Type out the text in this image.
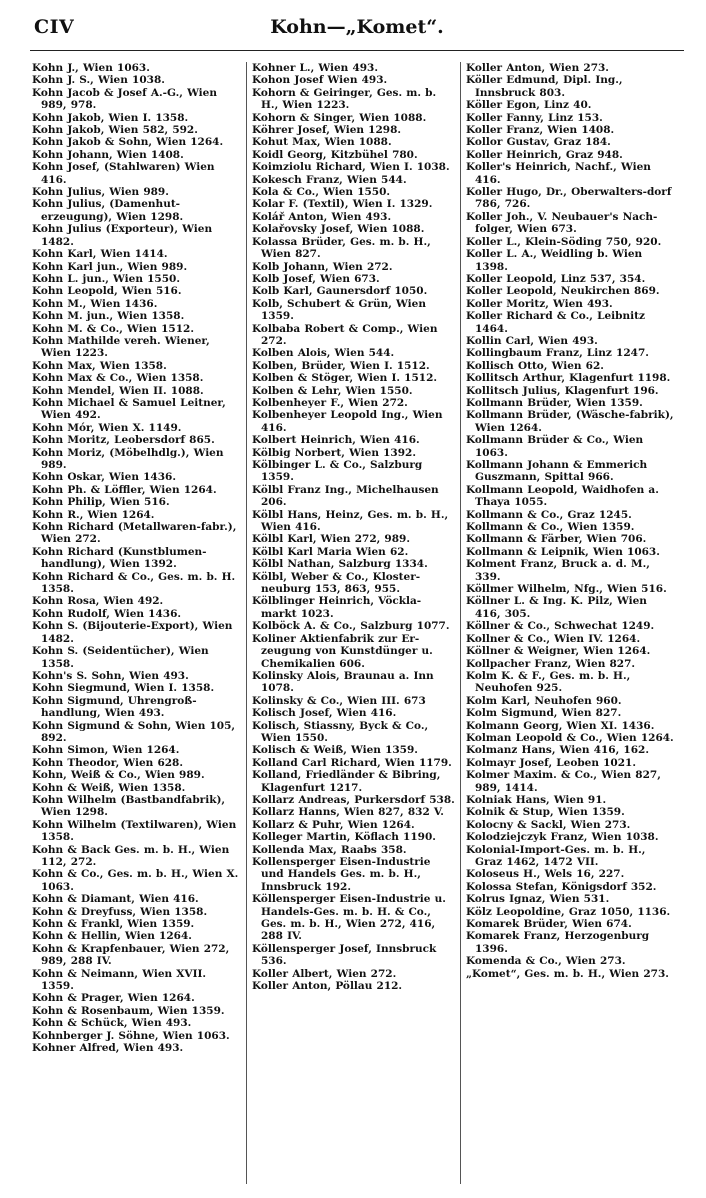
CIV	Kohn—„Komet“.

Kohn J., Wien 1063.

Kohn J. S., Wien 1038.

Kohn Jacob & Josef A.-G., Wien 989, 978.

Kohn Jakob, Wien I. 1358.

Kohn Jakob, Wien 582, 592.

Kohn Jakob & Sohn, Wien 1264.

Kohn Johann, Wien 1408.

Kohn Josef, (Stahlwaren) Wien 416.

Kohn Julius, Wien 989.

Kohn Julius, (Damenhut-erzeugung), Wien 1298.

Kohn Julius (Exporteur), Wien 1482.

Kohn Karl, Wien 1414.

Kohn Karl jun., Wien 989.

Kohn L. jun., Wien 1550.

Kohn Leopold, Wien 516.

Kohn M., Wien 1436.

Kohn M. jun., Wien 1358.

Kohn M. & Co., Wien 1512.

Kohn Mathilde vereh. Wiener, Wien 1223.

Kohn Max, Wien 1358.

Kohn Max & Co., Wien 1358.

Kohn Mendel, Wien II. 1088.

Kohn Michael & Samuel Leitner, Wien 492.

Kohn Mór, Wien X. 1149.

Kohn Moritz, Leobersdorf 865.

Kohn Moriz, (Möbelhdlg.), Wien 989.

Kohn Oskar, Wien 1436.

Kohn Ph. & Löffler, Wien 1264.

Kohn Philip, Wien 516.

Kohn R., Wien 1264.

Kohn Richard (Metallwaren-fabr.), Wien 272.

Kohn Richard (Kunstblumen-handlung), Wien 1392.

Kohn Richard & Co., Ges. m. b. H. 1358.

Kohn Rosa, Wien 492.

Kohn Rudolf, Wien 1436.

Kohn S. (Bijouterie-Export), Wien 1482.

Kohn S. (Seidentücher), Wien 1358.

Kohn's S. Sohn, Wien 493.

Kohn Siegmund, Wien I. 1358.

Kohn Sigmund, Uhrengroß-handlung, Wien 493.

Kohn Sigmund & Sohn, Wien 105, 892.

Kohn Simon, Wien 1264.

Kohn Theodor, Wien 628.

Kohn, Weiß & Co., Wien 989.

Kohn & Weiß, Wien 1358.

Kohn Wilhelm (Bastbandfabrik), Wien 1298.

Kohn Wilhelm (Textilwaren), Wien 1358.

Kohn & Back Ges. m. b. H., Wien 112, 272.

Kohn & Co., Ges. m. b. H., Wien X. 1063.

Kohn & Diamant, Wien 416.

Kohn & Dreyfuss, Wien 1358.

Kohn & Frankl, Wien 1359.

Kohn & Hellin, Wien 1264.

Kohn & Krapfenbauer, Wien 272, 989, 288 IV.

Kohn & Neimann, Wien XVII. 1359.

Kohn & Prager, Wien 1264.

Kohn & Rosenbaum, Wien 1359.

Kohn & Schück, Wien 493.

Kohnberger J. Söhne, Wien 1063.

Kohner Alfred, Wien 493.

Kohner L., Wien 493.

Kohon Josef Wien 493.

Kohorn & Geiringer, Ges. m. b. H., Wien 1223.

Kohorn & Singer, Wien 1088.

Köhrer Josef, Wien 1298.

Kohut Max, Wien 1088.

Koidl Georg, Kitzbühel 780.

Koimziolu Richard, Wien I. 1038.

Kokesch Franz, Wien 544.

Kola & Co., Wien 1550.

Kolar F. (Textil), Wien I. 1329.

Kolář Anton, Wien 493.

Kolařovsky Josef, Wien 1088.

Kolassa Brüder, Ges. m. b. H., Wien 827.

Kolb Johann, Wien 272.

Kolb Josef, Wien 673.

Kolb Karl, Gaunersdorf 1050.

Kolb, Schubert & Grün, Wien 1359.

Kolbaba Robert & Comp., Wien 272.

Kolben Alois, Wien 544.

Kolben, Brüder, Wien I. 1512.

Kolben & Stöger, Wien I. 1512.

Kolben & Lehr, Wien 1550.

Kolbenheyer F., Wien 272.

Kolbenheyer Leopold Ing., Wien 416.

Kolbert Heinrich, Wien 416.

Kölbig Norbert, Wien 1392.

Kölbinger L. & Co., Salzburg 1359.

Kölbl Franz Ing., Michelhausen 206.

Kölbl Hans, Heinz, Ges. m. b. H., Wien 416.

Kölbl Karl, Wien 272, 989.

Kölbl Karl Maria Wien 62.

Kölbl Nathan, Salzburg 1334.

Kölbl, Weber & Co., Kloster-neuburg 153, 863, 955.

Kölblinger Heinrich, Vöckla-markt 1023.

Kolböck A. & Co., Salzburg 1077.

Koliner Aktienfabrik zur Er-zeugung von Kunstdünger u. Chemikalien 606.

Kolinsky Alois, Braunau a. Inn 1078.

Kolinsky & Co., Wien III. 673

Kolisch Josef, Wien 416.

Kolisch, Stiassny, Byck & Co., Wien 1550.

Kolisch & Weiß, Wien 1359.

Kolland Carl Richard, Wien 1179.

Kolland, Friedländer & Bibring, Klagenfurt 1217.

Kollarz Andreas, Purkersdorf 538.

Kollarz Hanns, Wien 827, 832 V.

Kollarz & Puhr, Wien 1264.

Kolleger Martin, Köflach 1190.

Kollenda Max, Raabs 358.

Kollensperger Eisen-Industrie und Handels Ges. m. b. H., Innsbruck 192.

Köllensperger Eisen-Industrie u. Handels-Ges. m. b. H. & Co., Ges. m. b. H., Wien 272, 416, 288 IV.

Köllensperger Josef, Innsbruck 536.

Koller Albert, Wien 272.

Koller Anton, Pöllau 212.

Koller Anton, Wien 273.

Köller Edmund, Dipl. Ing., Innsbruck 803.

Köller Egon, Linz 40.

Koller Fanny, Linz 153.

Koller Franz, Wien 1408.

Kollor Gustav, Graz 184.

Koller Heinrich, Graz 948.

Koller's Heinrich, Nachf., Wien 416.

Koller Hugo, Dr., Oberwalters-dorf 786, 726.

Koller Joh., V. Neubauer's Nach-folger, Wien 673.

Koller L., Klein-Söding 750, 920.

Koller L. A., Weidling b. Wien 1398.

Koller Leopold, Linz 537, 354.

Koller Leopold, Neukirchen 869.

Koller Moritz, Wien 493.

Koller Richard & Co., Leibnitz 1464.

Kollin Carl, Wien 493.

Kollingbaum Franz, Linz 1247.

Kollisch Otto, Wien 62.

Kollitsch Arthur, Klagenfurt 1198.

Kollitsch Julius, Klagenfurt 196.

Kollmann Brüder, Wien 1359.

Kollmann Brüder, (Wäsche-fabrik), Wien 1264.

Kollmann Brüder & Co., Wien 1063.

Kollmann Johann & Emmerich Guszmann, Spittal 966.

Kollmann Leopold, Waidhofen a. Thaya 1055.

Kollmann & Co., Graz 1245.

Kollmann & Co., Wien 1359.

Kollmann & Färber, Wien 706.

Kollmann & Leipnik, Wien 1063.

Kolment Franz, Bruck a. d. M., 339.

Köllmer Wilhelm, Nfg., Wien 516.

Köllner L. & Ing. K. Pilz, Wien 416, 305.

Köllner & Co., Schwechat 1249.

Kollner & Co., Wien IV. 1264.

Köllner & Weigner, Wien 1264.

Kollpacher Franz, Wien 827.

Kolm K. & F., Ges. m. b. H., Neuhofen 925.

Kolm Karl, Neuhofen 960.

Kolm Sigmund, Wien 827.

Kolmann Georg, Wien XI. 1436.

Kolman Leopold & Co., Wien 1264.

Kolmanz Hans, Wien 416, 162.

Kolmayr Josef, Leoben 1021.

Kolmer Maxim. & Co., Wien 827, 989, 1414.

Kolniak Hans, Wien 91.

Kolnik & Stup, Wien 1359.

Kolocny & Sackl, Wien 273.

Kolodziejczyk Franz, Wien 1038.

Kolonial-Import-Ges. m. b. H., Graz 1462, 1472 VII.

Koloseus H., Wels 16, 227.

Kolossa Stefan, Königsdorf 352.

Kolrus Ignaz, Wien 531.

Kölz Leopoldine, Graz 1050, 1136.

Komarek Brüder, Wien 674.

Komarek Franz, Herzogenburg 1396.

Komenda & Co., Wien 273.

„Komet“, Ges. m. b. H., Wien 273.
